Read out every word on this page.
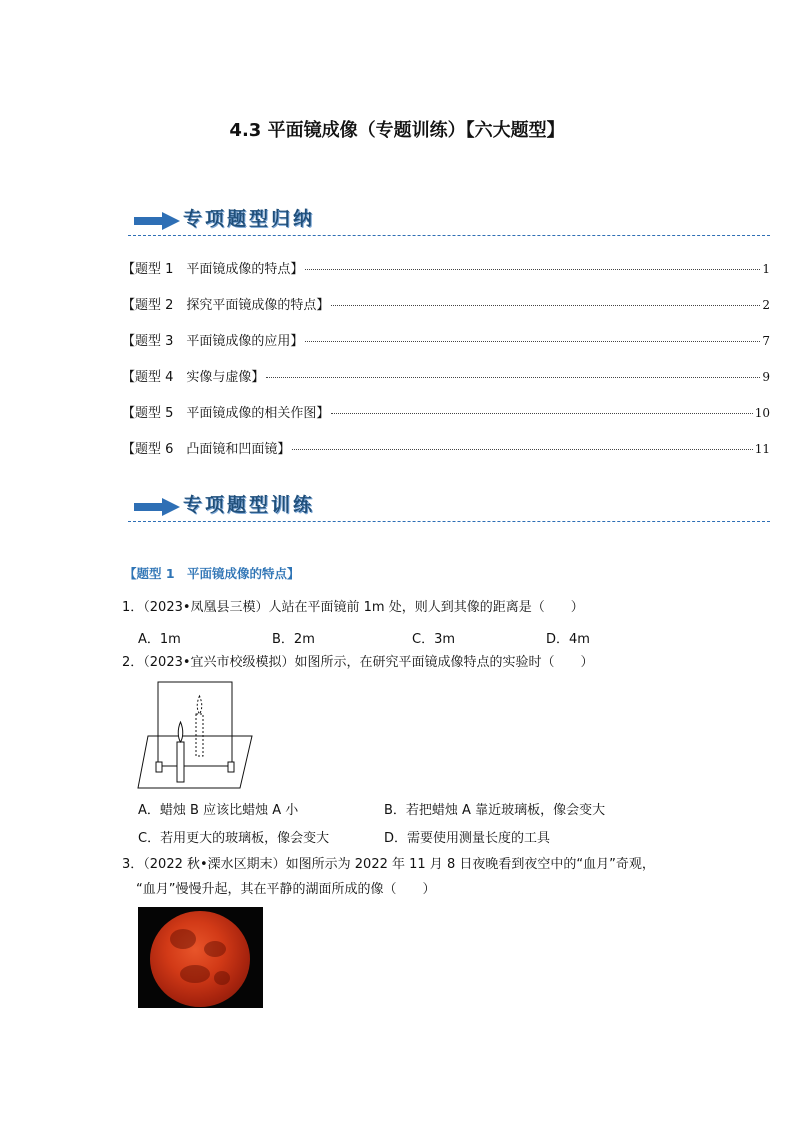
4.3 平面镜成像（专题训练）【六大题型】
专项题型归纳
【题型 1　平面镜成像的特点】	1
【题型 2　探究平面镜成像的特点】	2
【题型 3　平面镜成像的应用】	7
【题型 4　实像与虚像】	9
【题型 5　平面镜成像的相关作图】	10
【题型 6　凸面镜和凹面镜】	11
专项题型训练
【题型 1　平面镜成像的特点】
1．（2023•凤凰县三模）人站在平面镜前 1m 处，则人到其像的距离是（　　）
A．1m	B．2m	C．3m	D．4m
2．（2023•宜兴市校级模拟）如图所示，在研究平面镜成像特点的实验时（　　）
A．蜡烛 B 应该比蜡烛 A 小	B．若把蜡烛 A 靠近玻璃板，像会变大
C．若用更大的玻璃板，像会变大	D．需要使用测量长度的工具
3．（2022 秋•溧水区期末）如图所示为 2022 年 11 月 8 日夜晚看到夜空中的“血月”奇观，
“血月”慢慢升起，其在平静的湖面所成的像（　　）
